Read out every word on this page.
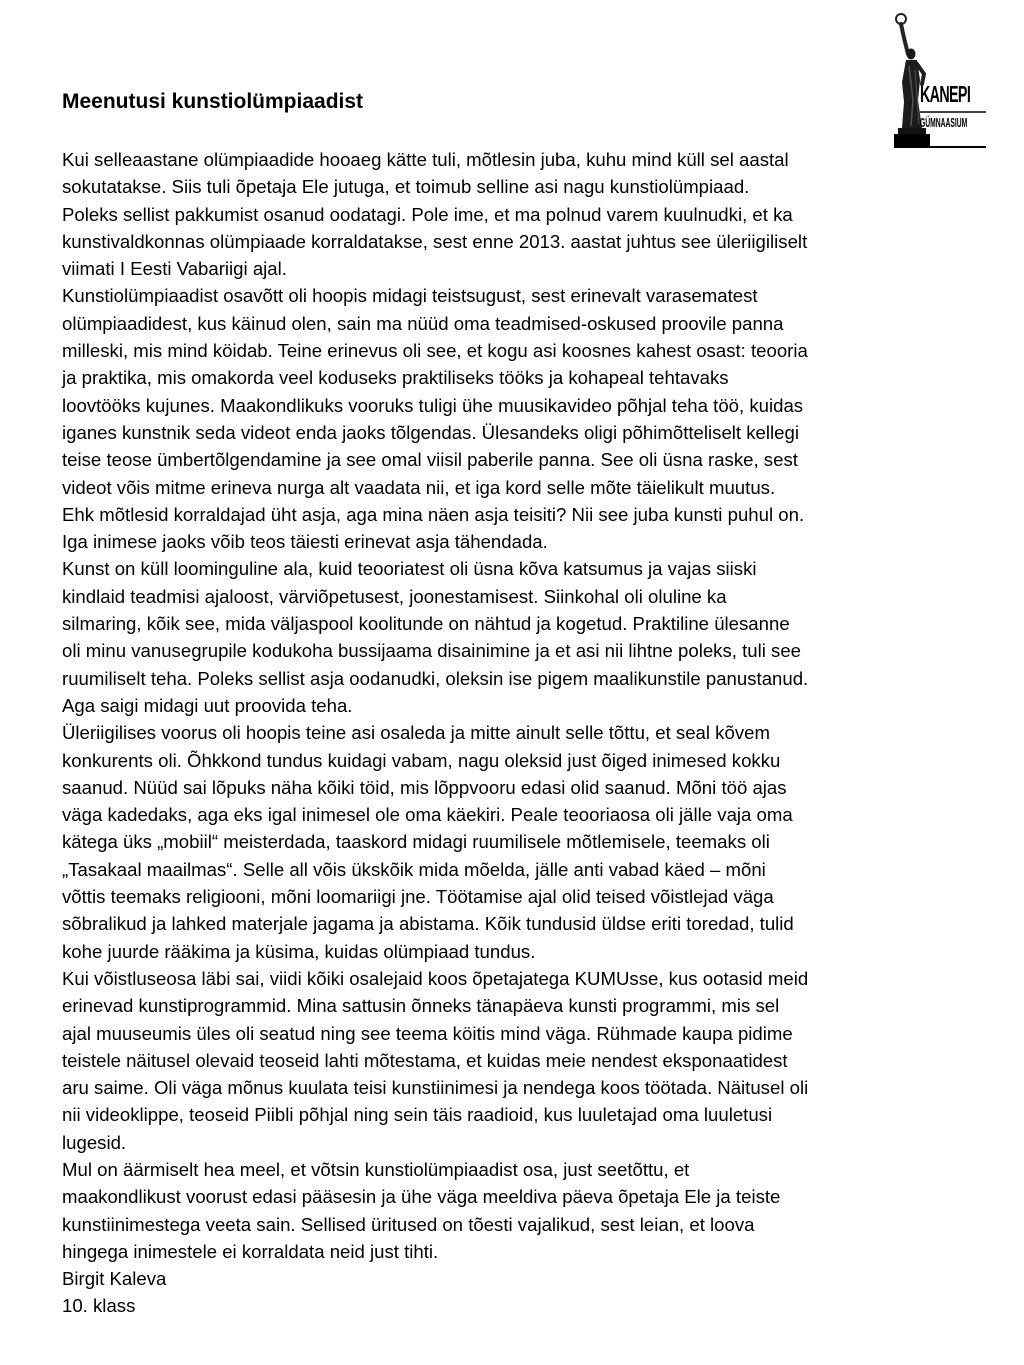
Meenutusi kunstiolümpiaadist	KANEPI
GÜMNAASIUM

Kui selleaastane olümpiaadide hooaeg kätte tuli, mõtlesin juba, kuhu mind küll sel aastal

sokutatakse. Siis tuli õpetaja Ele jutuga, et toimub selline asi nagu kunstiolümpiaad.

Poleks sellist pakkumist osanud oodatagi. Pole ime, et ma polnud varem kuulnudki, et ka

kunstivaldkonnas olümpiaade korraldatakse, sest enne 2013. aastat juhtus see üleriigiliselt

viimati I Eesti Vabariigi ajal.

Kunstiolümpiaadist osavõtt oli hoopis midagi teistsugust, sest erinevalt varasematest

olümpiaadidest, kus käinud olen, sain ma nüüd oma teadmised-oskused proovile panna

milleski, mis mind köidab. Teine erinevus oli see, et kogu asi koosnes kahest osast: teooria

ja praktika, mis omakorda veel koduseks praktiliseks tööks ja kohapeal tehtavaks

loovtööks kujunes. Maakondlikuks vooruks tuligi ühe muusikavideo põhjal teha töö, kuidas

iganes kunstnik seda videot enda jaoks tõlgendas. Ülesandeks oligi põhimõtteliselt kellegi

teise teose ümbertõlgendamine ja see omal viisil paberile panna. See oli üsna raske, sest

videot võis mitme erineva nurga alt vaadata nii, et iga kord selle mõte täielikult muutus.

Ehk mõtlesid korraldajad üht asja, aga mina näen asja teisiti? Nii see juba kunsti puhul on.

Iga inimese jaoks võib teos täiesti erinevat asja tähendada.

Kunst on küll loominguline ala, kuid teooriatest oli üsna kõva katsumus ja vajas siiski

kindlaid teadmisi ajaloost, värviõpetusest, joonestamisest. Siinkohal oli oluline ka

silmaring, kõik see, mida väljaspool koolitunde on nähtud ja kogetud. Praktiline ülesanne

oli minu vanusegrupile kodukoha bussijaama disainimine ja et asi nii lihtne poleks, tuli see

ruumiliselt teha. Poleks sellist asja oodanudki, oleksin ise pigem maalikunstile panustanud.

Aga saigi midagi uut proovida teha.

Üleriigilises voorus oli hoopis teine asi osaleda ja mitte ainult selle tõttu, et seal kõvem

konkurents oli. Õhkkond tundus kuidagi vabam, nagu oleksid just õiged inimesed kokku

saanud. Nüüd sai lõpuks näha kõiki töid, mis lõppvooru edasi olid saanud. Mõni töö ajas

väga kadedaks, aga eks igal inimesel ole oma käekiri. Peale teooriaosa oli jälle vaja oma

kätega üks „mobiil“ meisterdada, taaskord midagi ruumilisele mõtlemisele, teemaks oli

„Tasakaal maailmas“. Selle all võis ükskõik mida mõelda, jälle anti vabad käed – mõni

võttis teemaks religiooni, mõni loomariigi jne. Töötamise ajal olid teised võistlejad väga

sõbralikud ja lahked materjale jagama ja abistama. Kõik tundusid üldse eriti toredad, tulid

kohe juurde rääkima ja küsima, kuidas olümpiaad tundus.

Kui võistluseosa läbi sai, viidi kõiki osalejaid koos õpetajatega KUMUsse, kus ootasid meid

erinevad kunstiprogrammid. Mina sattusin õnneks tänapäeva kunsti programmi, mis sel

ajal muuseumis üles oli seatud ning see teema köitis mind väga. Rühmade kaupa pidime

teistele näitusel olevaid teoseid lahti mõtestama, et kuidas meie nendest eksponaatidest

aru saime. Oli väga mõnus kuulata teisi kunstiinimesi ja nendega koos töötada. Näitusel oli

nii videoklippe, teoseid Piibli põhjal ning sein täis raadioid, kus luuletajad oma luuletusi

lugesid.

Mul on äärmiselt hea meel, et võtsin kunstiolümpiaadist osa, just seetõttu, et

maakondlikust voorust edasi pääsesin ja ühe väga meeldiva päeva õpetaja Ele ja teiste

kunstiinimestega veeta sain. Sellised üritused on tõesti vajalikud, sest leian, et loova

hingega inimestele ei korraldata neid just tihti.

Birgit Kaleva

10. klass
